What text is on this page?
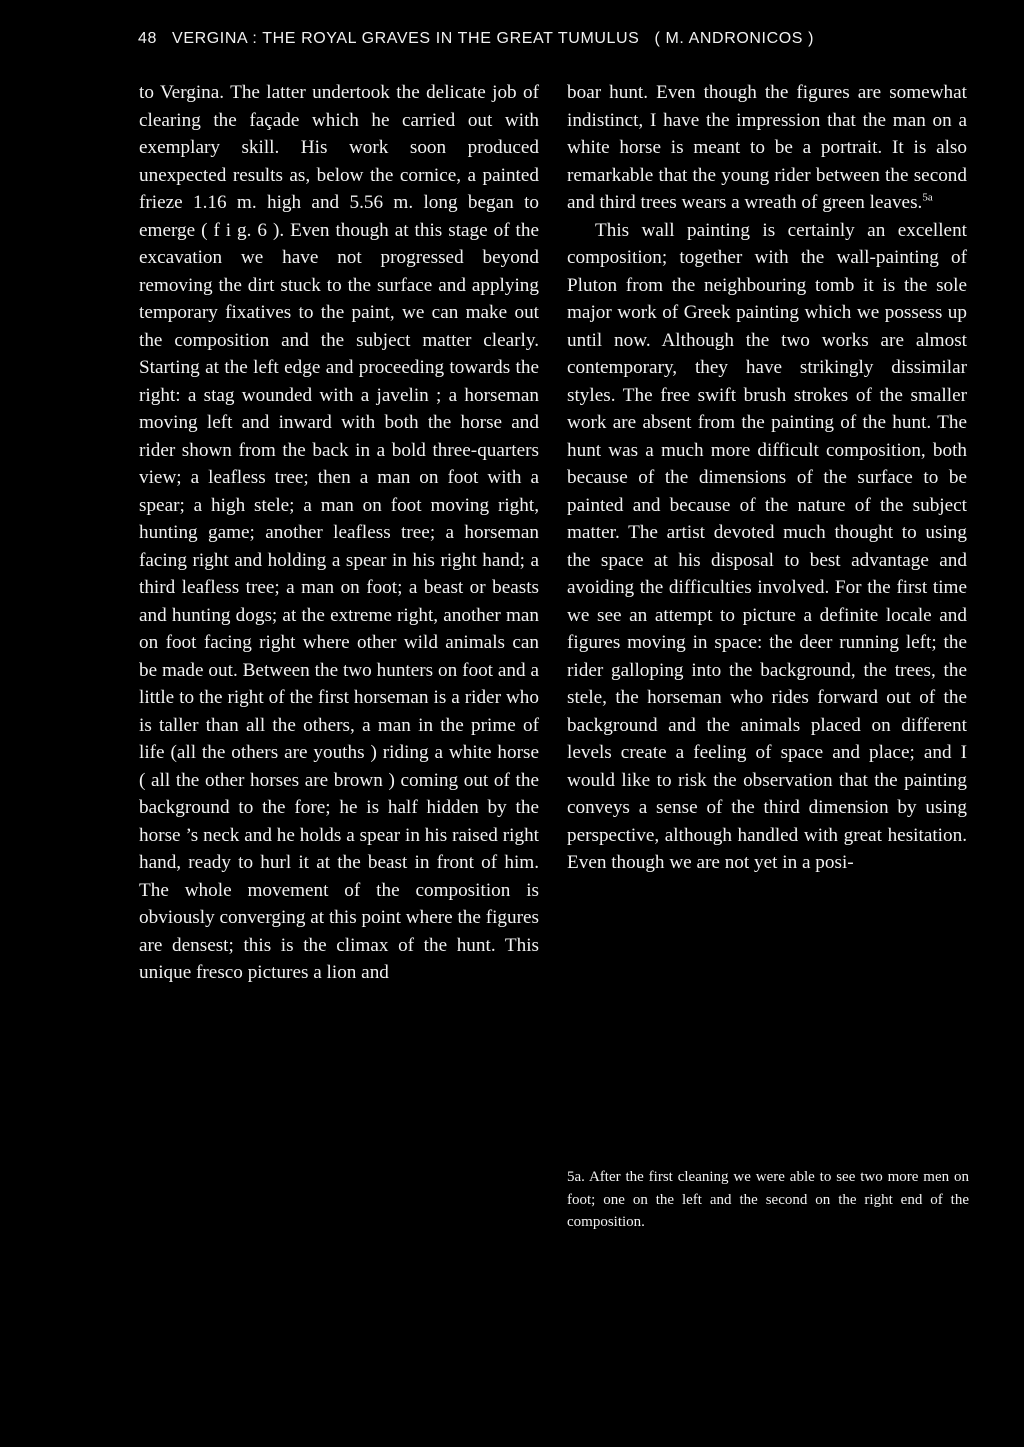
48 VERGINA : THE ROYAL GRAVES IN THE GREAT TUMULUS ( M. ANDRONICOS )

to Vergina. The latter undertook the delicate job of clearing the façade which he carried out with exemplary skill. His work soon produced unexpected results as, below the cornice, a painted frieze 1.16 m. high and 5.56 m. long began to emerge ( f i g. 6 ). Even though at this stage of the excavation we have not progressed beyond removing the dirt stuck to the surface and applying temporary fixatives to the paint, we can make out the composition and the subject matter clearly. Starting at the left edge and proceeding towards the right: a stag wounded with a javelin ; a horseman moving left and inward with both the horse and rider shown from the back in a bold three-quarters view; a leafless tree; then a man on foot with a spear; a high stele; a man on foot moving right, hunting game; another leafless tree; a horseman facing right and holding a spear in his right hand; a third leafless tree; a man on foot; a beast or beasts and hunting dogs; at the extreme right, another man on foot facing right where other wild animals can be made out. Between the two hunters on foot and a little to the right of the first horseman is a rider who is taller than all the others, a man in the prime of life (all the others are youths ) riding a white horse ( all the other horses are brown ) coming out of the background to the fore; he is half hidden by the horse ’s neck and he holds a spear in his raised right hand, ready to hurl it at the beast in front of him. The whole movement of the composition is obviously converging at this point where the figures are densest; this is the climax of the hunt. This unique fresco pictures a lion and

boar hunt. Even though the figures are somewhat indistinct, I have the impression that the man on a white horse is meant to be a portrait. It is also remarkable that the young rider between the second and third trees wears a wreath of green leaves.$^{5a}$

This wall painting is certainly an excellent composition; together with the wall-painting of Pluton from the neighbouring tomb it is the sole major work of Greek painting which we possess up until now. Although the two works are almost contemporary, they have strikingly dissimilar styles. The free swift brush strokes of the smaller work are absent from the painting of the hunt. The hunt was a much more difficult composition, both because of the dimensions of the surface to be painted and because of the nature of the subject matter. The artist devoted much thought to using the space at his disposal to best advantage and avoiding the difficulties involved. For the first time we see an attempt to picture a definite locale and figures moving in space: the deer running left; the rider galloping into the background, the trees, the stele, the horseman who rides forward out of the background and the animals placed on different levels create a feeling of space and place; and I would like to risk the observation that the painting conveys a sense of the third dimension by using perspective, although handled with great hesitation. Even though we are not yet in a posi-

5a. After the first cleaning we were able to see two more men on foot; one on the left and the second on the right end of the composition.
